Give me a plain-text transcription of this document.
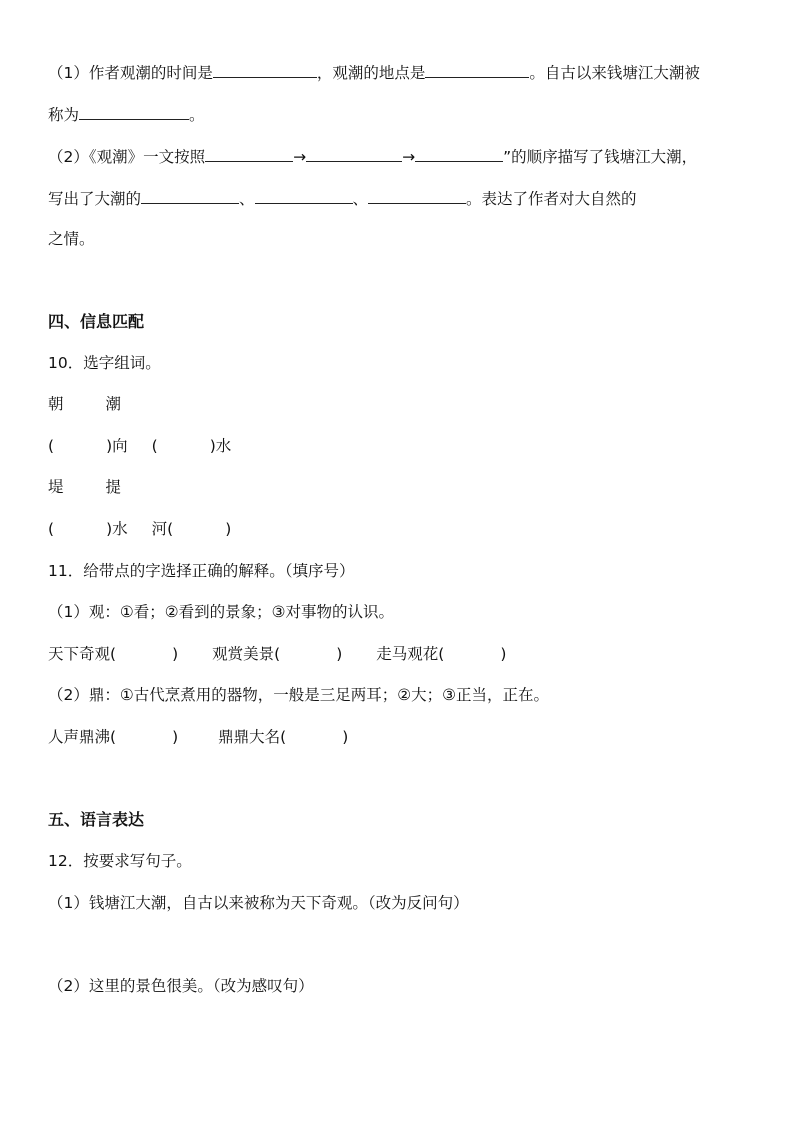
（1）作者观潮的时间是	，观潮的地点是	。自古以来钱塘江大潮被
称为	。
（2）《观潮》一文按照	→	→	”的顺序描写了钱塘江大潮，
写出了大潮的	、	、	。表达了作者对大自然的
之情。
四、信息匹配
10．选字组词。
朝	潮
(	)向 (	)水
堤	提
(	)水 河(	)
11．给带点的字选择正确的解释。（填序号）
（1）观：①看；②看到的景象；③对事物的认识。
天下奇观(	) 观赏美景(	) 走马观花(	)
（2）鼎：①古代烹煮用的器物，一般是三足两耳；②大；③正当，正在。
人声鼎沸(	)	鼎鼎大名(	)
五、语言表达
12．按要求写句子。
（1）钱塘江大潮，自古以来被称为天下奇观。（改为反问句）
（2）这里的景色很美。（改为感叹句）
